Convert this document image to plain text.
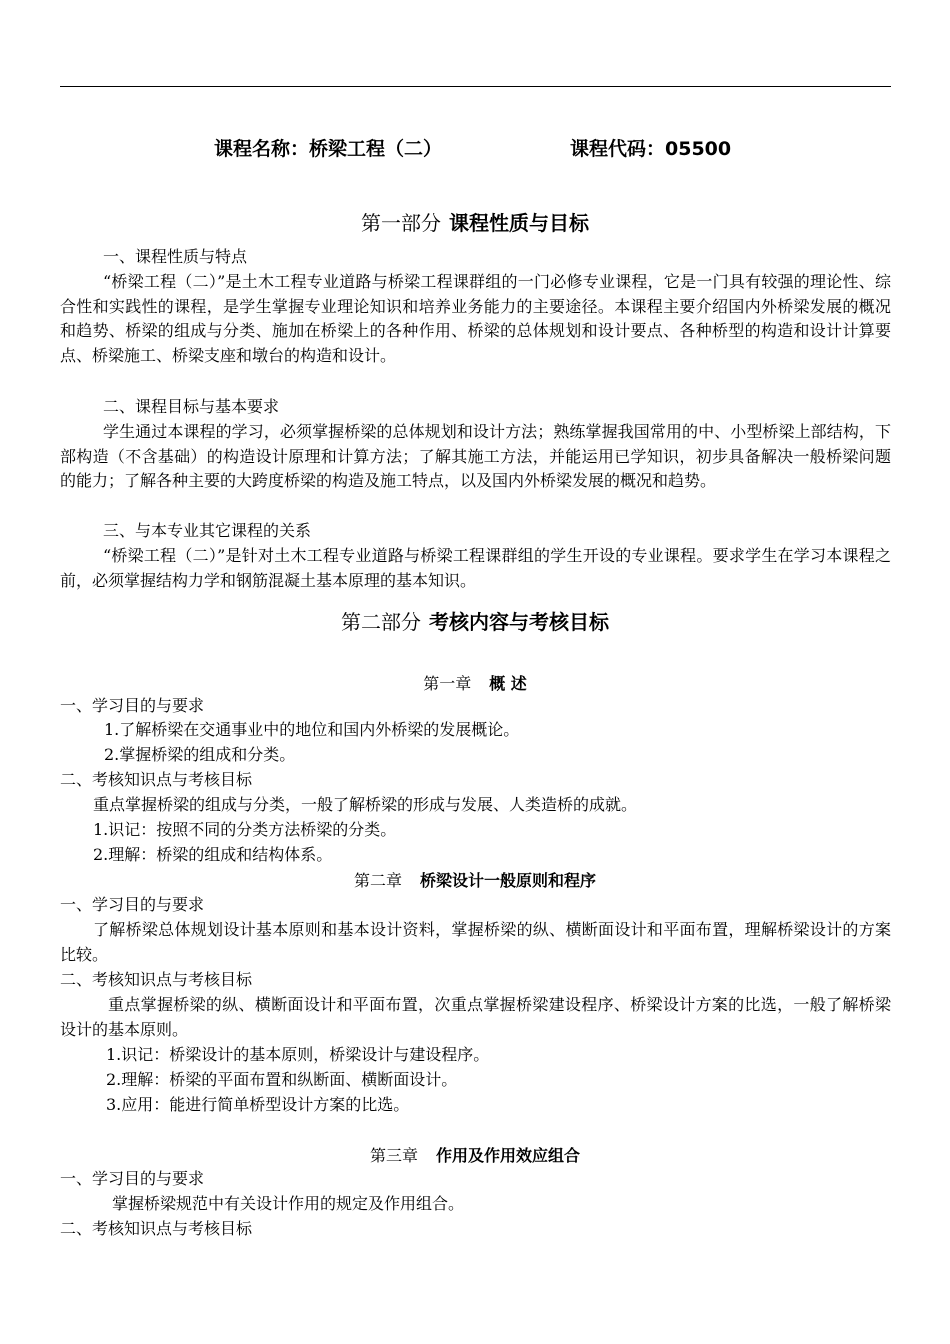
课程名称：桥梁工程（二）	课程代码：05500
第一部分 课程性质与目标
一、课程性质与特点
“桥梁工程（二）”是土木工程专业道路与桥梁工程课群组的一门必修专业课程，它是一门具有较强的理论性、综合性和实践性的课程，是学生掌握专业理论知识和培养业务能力的主要途径。本课程主要介绍国内外桥梁发展的概况和趋势、桥梁的组成与分类、施加在桥梁上的各种作用、桥梁的总体规划和设计要点、各种桥型的构造和设计计算要点、桥梁施工、桥梁支座和墩台的构造和设计。
二、课程目标与基本要求
学生通过本课程的学习，必须掌握桥梁的总体规划和设计方法；熟练掌握我国常用的中、小型桥梁上部结构，下部构造（不含基础）的构造设计原理和计算方法；了解其施工方法，并能运用已学知识，初步具备解决一般桥梁问题的能力；了解各种主要的大跨度桥梁的构造及施工特点，以及国内外桥梁发展的概况和趋势。
三、与本专业其它课程的关系
“桥梁工程（二）”是针对土木工程专业道路与桥梁工程课群组的学生开设的专业课程。要求学生在学习本课程之前，必须掌握结构力学和钢筋混凝土基本原理的基本知识。
第二部分 考核内容与考核目标
第一章 概 述
一、学习目的与要求
1.了解桥梁在交通事业中的地位和国内外桥梁的发展概论。
2.掌握桥梁的组成和分类。
二、考核知识点与考核目标
重点掌握桥梁的组成与分类，一般了解桥梁的形成与发展、人类造桥的成就。
1.识记：按照不同的分类方法桥梁的分类。
2.理解：桥梁的组成和结构体系。
第二章 桥梁设计一般原则和程序
一、学习目的与要求
了解桥梁总体规划设计基本原则和基本设计资料，掌握桥梁的纵、横断面设计和平面布置，理解桥梁设计的方案比较。
二、考核知识点与考核目标
重点掌握桥梁的纵、横断面设计和平面布置，次重点掌握桥梁建设程序、桥梁设计方案的比选，一般了解桥梁设计的基本原则。
1.识记：桥梁设计的基本原则，桥梁设计与建设程序。
2.理解：桥梁的平面布置和纵断面、横断面设计。
3.应用：能进行简单桥型设计方案的比选。
第三章 作用及作用效应组合
一、学习目的与要求
掌握桥梁规范中有关设计作用的规定及作用组合。
二、考核知识点与考核目标
